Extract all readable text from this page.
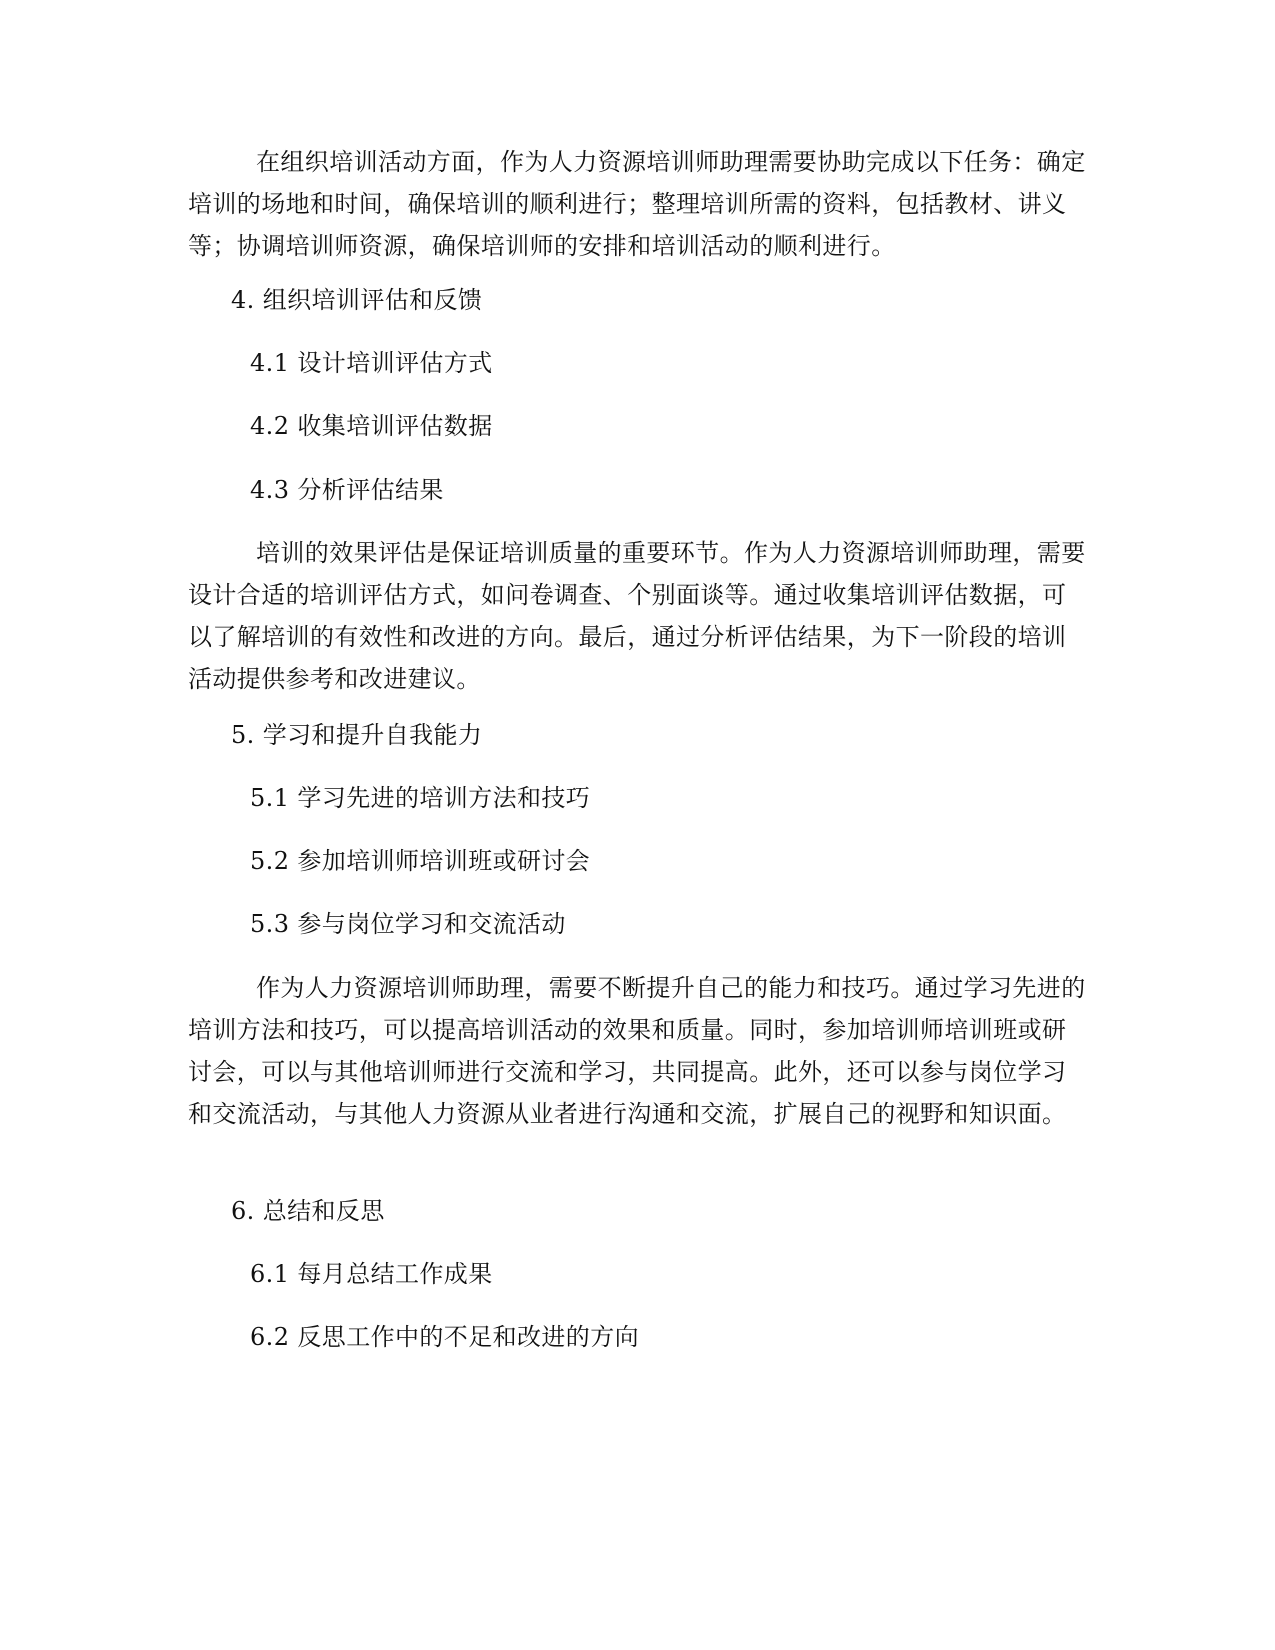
在组织培训活动方面，作为人力资源培训师助理需要协助完成以下任务：确定培训的场地和时间，确保培训的顺利进行；整理培训所需的资料，包括教材、讲义等；协调培训师资源，确保培训师的安排和培训活动的顺利进行。

4. 组织培训评估和反馈

4.1 设计培训评估方式

4.2 收集培训评估数据

4.3 分析评估结果

培训的效果评估是保证培训质量的重要环节。作为人力资源培训师助理，需要设计合适的培训评估方式，如问卷调查、个别面谈等。通过收集培训评估数据，可以了解培训的有效性和改进的方向。最后，通过分析评估结果，为下一阶段的培训活动提供参考和改进建议。

5. 学习和提升自我能力

5.1 学习先进的培训方法和技巧

5.2 参加培训师培训班或研讨会

5.3 参与岗位学习和交流活动

作为人力资源培训师助理，需要不断提升自己的能力和技巧。通过学习先进的培训方法和技巧，可以提高培训活动的效果和质量。同时，参加培训师培训班或研讨会，可以与其他培训师进行交流和学习，共同提高。此外，还可以参与岗位学习和交流活动，与其他人力资源从业者进行沟通和交流，扩展自己的视野和知识面。

6. 总结和反思

6.1 每月总结工作成果

6.2 反思工作中的不足和改进的方向
